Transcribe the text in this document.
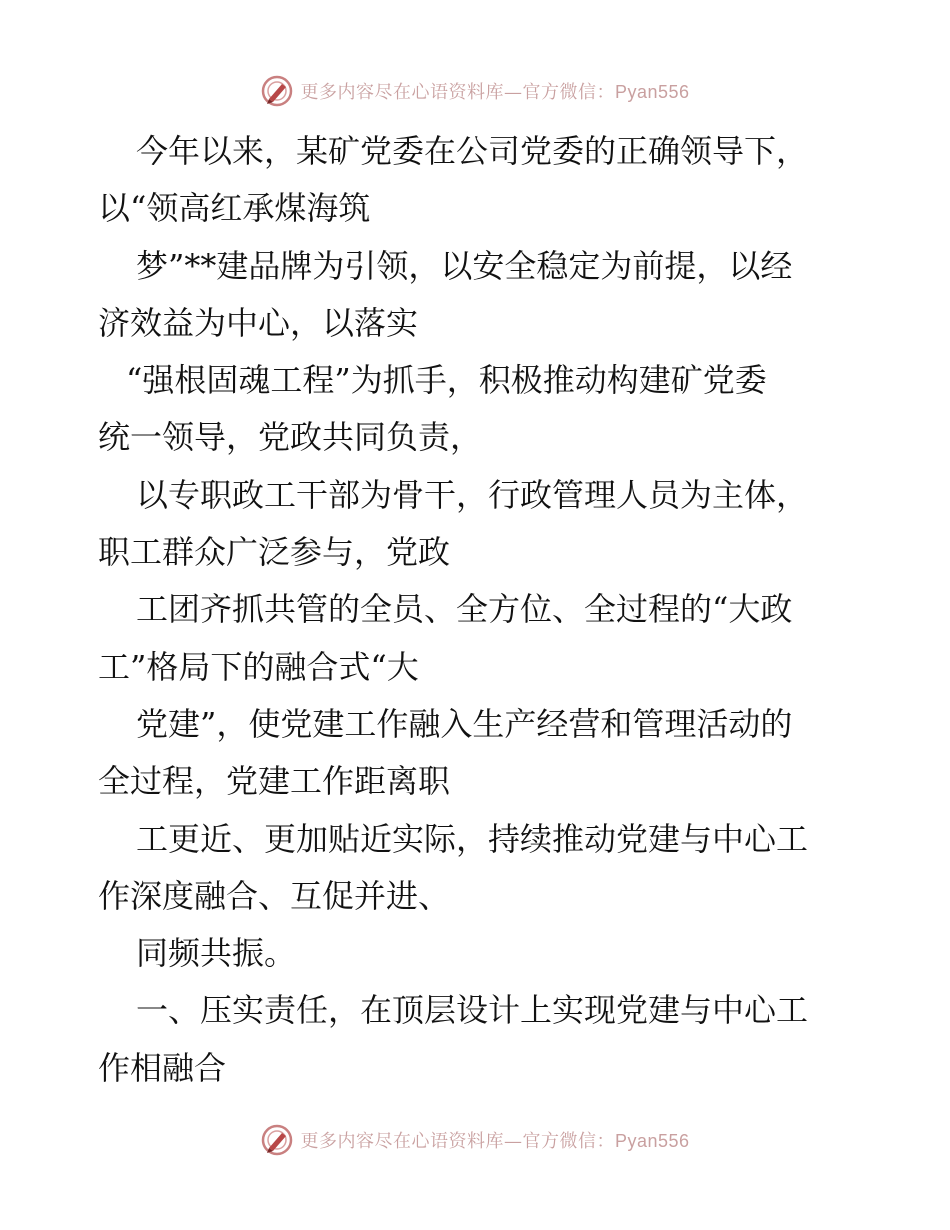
更多内容尽在心语资料库—官方微信：Pyan556
今年以来，某矿党委在公司党委的正确领导下，
以“领高红承煤海筑
梦”**建品牌为引领，以安全稳定为前提，以经
济效益为中心，以落实
“强根固魂工程”为抓手，积极推动构建矿党委
统一领导，党政共同负责，
以专职政工干部为骨干，行政管理人员为主体，
职工群众广泛参与，党政
工团齐抓共管的全员、全方位、全过程的“大政
工”格局下的融合式“大
党建”，使党建工作融入生产经营和管理活动的
全过程，党建工作距离职
工更近、更加贴近实际，持续推动党建与中心工
作深度融合、互促并进、
同频共振。
一、压实责任，在顶层设计上实现党建与中心工
作相融合
更多内容尽在心语资料库—官方微信：Pyan556
